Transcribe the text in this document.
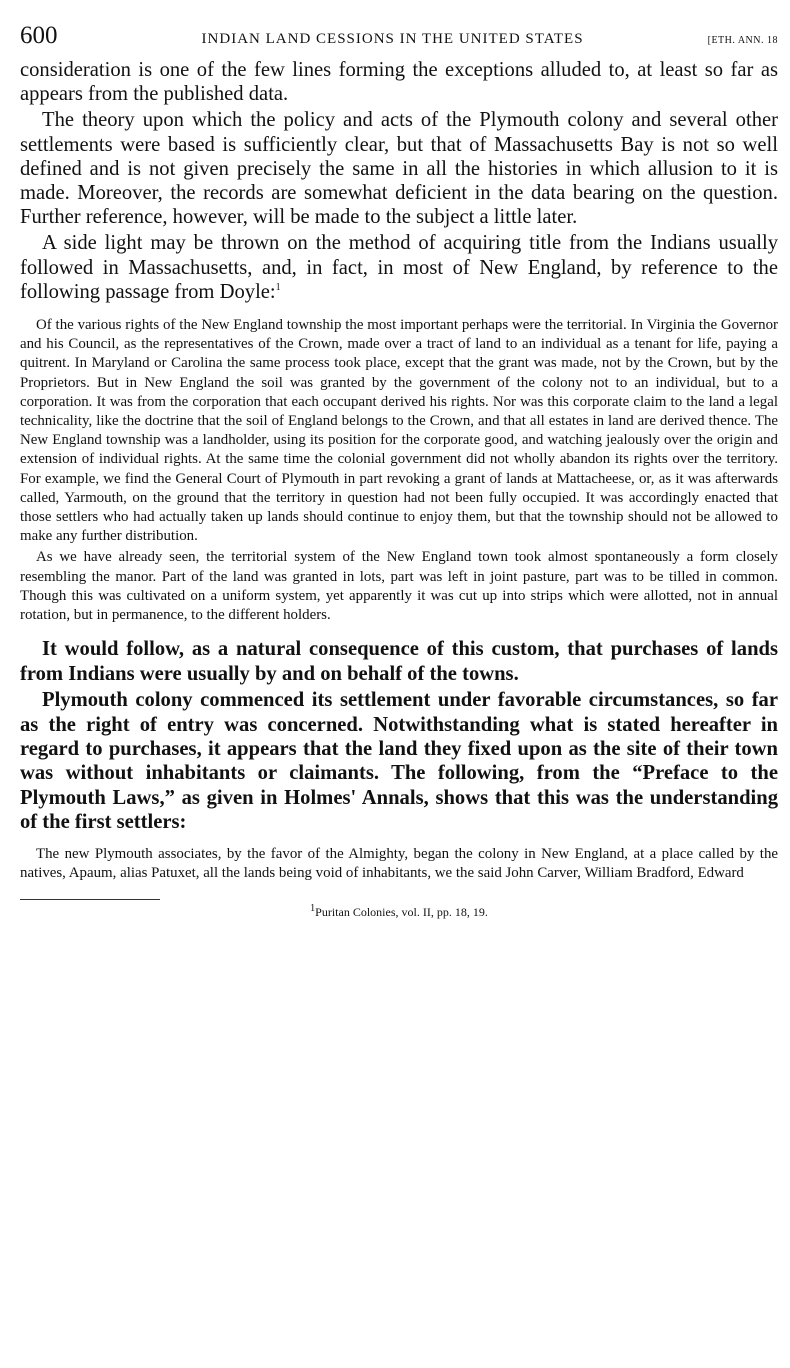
600	INDIAN LAND CESSIONS IN THE UNITED STATES	[ETH. ANN. 18

consideration is one of the few lines forming the exceptions alluded to, at least so far as appears from the published data.

The theory upon which the policy and acts of the Plymouth colony and several other settlements were based is sufficiently clear, but that of Massachusetts Bay is not so well defined and is not given precisely the same in all the histories in which allusion to it is made. Moreover, the records are somewhat deficient in the data bearing on the question. Further reference, however, will be made to the subject a little later.

A side light may be thrown on the method of acquiring title from the Indians usually followed in Massachusetts, and, in fact, in most of New England, by reference to the following passage from Doyle:$^1$

Of the various rights of the New England township the most important perhaps were the territorial. In Virginia the Governor and his Council, as the representatives of the Crown, made over a tract of land to an individual as a tenant for life, paying a quitrent. In Maryland or Carolina the same process took place, except that the grant was made, not by the Crown, but by the Proprietors. But in New England the soil was granted by the government of the colony not to an individual, but to a corporation. It was from the corporation that each occupant derived his rights. Nor was this corporate claim to the land a legal technicality, like the doctrine that the soil of England belongs to the Crown, and that all estates in land are derived thence. The New England township was a landholder, using its position for the corporate good, and watching jealously over the origin and extension of individual rights. At the same time the colonial government did not wholly abandon its rights over the territory. For example, we find the General Court of Plymouth in part revoking a grant of lands at Mattacheese, or, as it was afterwards called, Yarmouth, on the ground that the territory in question had not been fully occupied. It was accordingly enacted that those settlers who had actually taken up lands should continue to enjoy them, but that the township should not be allowed to make any further distribution.

As we have already seen, the territorial system of the New England town took almost spontaneously a form closely resembling the manor. Part of the land was granted in lots, part was left in joint pasture, part was to be tilled in common. Though this was cultivated on a uniform system, yet apparently it was cut up into strips which were allotted, not in annual rotation, but in permanence, to the different holders.

It would follow, as a natural consequence of this custom, that purchases of lands from Indians were usually by and on behalf of the towns.

Plymouth colony commenced its settlement under favorable circumstances, so far as the right of entry was concerned. Notwithstanding what is stated hereafter in regard to purchases, it appears that the land they fixed upon as the site of their town was without inhabitants or claimants. The following, from the “Preface to the Plymouth Laws,” as given in Holmes' Annals, shows that this was the understanding of the first settlers:

The new Plymouth associates, by the favor of the Almighty, began the colony in New England, at a place called by the natives, Apaum, alias Patuxet, all the lands being void of inhabitants, we the said John Carver, William Bradford, Edward

$^1$Puritan Colonies, vol. II, pp. 18, 19.
